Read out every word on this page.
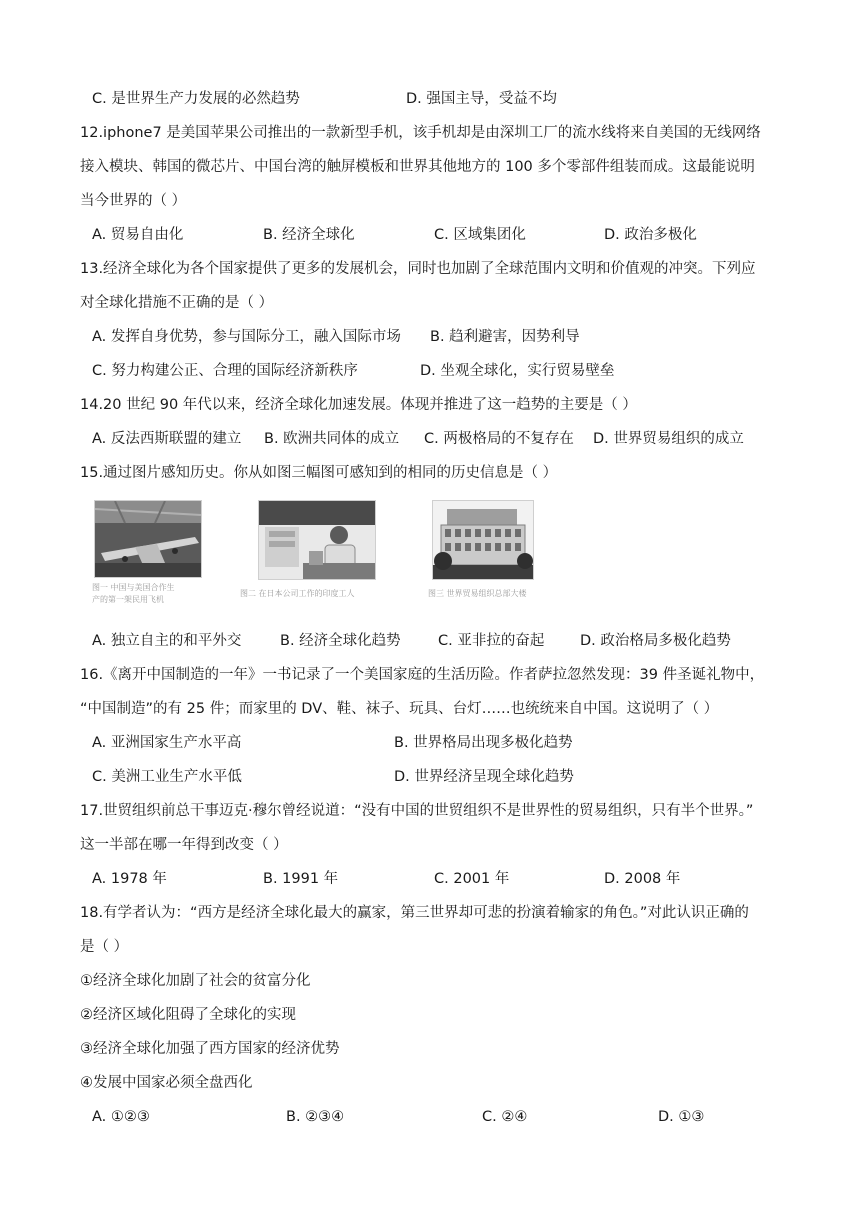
C. 是世界生产力发展的必然趋势	D. 强国主导，受益不均
12.iphone7 是美国苹果公司推出的一款新型手机，该手机却是由深圳工厂的流水线将来自美国的无线网络
接入模块、韩国的微芯片、中国台湾的触屏模板和世界其他地方的 100 多个零部件组装而成。这最能说明
当今世界的（ ）
A. 贸易自由化	B. 经济全球化	C. 区域集团化	D. 政治多极化
13.经济全球化为各个国家提供了更多的发展机会，同时也加剧了全球范围内文明和价值观的冲突。下列应
对全球化措施不正确的是（ ）
A. 发挥自身优势，参与国际分工，融入国际市场 B. 趋利避害，因势利导
C. 努力构建公正、合理的国际经济新秩序	D. 坐观全球化，实行贸易壁垒
14.20 世纪 90 年代以来，经济全球化加速发展。体现并推进了这一趋势的主要是（ ）
A. 反法西斯联盟的建立 B. 欧洲共同体的成立 C. 两极格局的不复存在 D. 世界贸易组织的成立
15.通过图片感知历史。你从如图三幅图可感知到的相同的历史信息是（ ）
图一 中国与美国合作生
产的第一架民用飞机
图二 在日本公司工作的印度工人	图三 世界贸易组织总部大楼
A. 独立自主的和平外交	B. 经济全球化趋势	C. 亚非拉的奋起 D. 政治格局多极化趋势
16.《离开中国制造的一年》一书记录了一个美国家庭的生活历险。作者萨拉忽然发现：39 件圣诞礼物中，
“中国制造”的有 25 件；而家里的 DV、鞋、袜子、玩具、台灯……也统统来自中国。这说明了（ ）
A. 亚洲国家生产水平高	B. 世界格局出现多极化趋势
C. 美洲工业生产水平低	D. 世界经济呈现全球化趋势
17.世贸组织前总干事迈克·穆尔曾经说道：“没有中国的世贸组织不是世界性的贸易组织，只有半个世界。”
这一半部在哪一年得到改变（ ）
A. 1978 年	B. 1991 年	C. 2001 年	D. 2008 年
18.有学者认为：“西方是经济全球化最大的赢家，第三世界却可悲的扮演着输家的角色。”对此认识正确的
是（ ）
①经济全球化加剧了社会的贫富分化
②经济区域化阻碍了全球化的实现
③经济全球化加强了西方国家的经济优势
④发展中国家必须全盘西化
A. ①②③	B. ②③④	C. ②④	D. ①③
